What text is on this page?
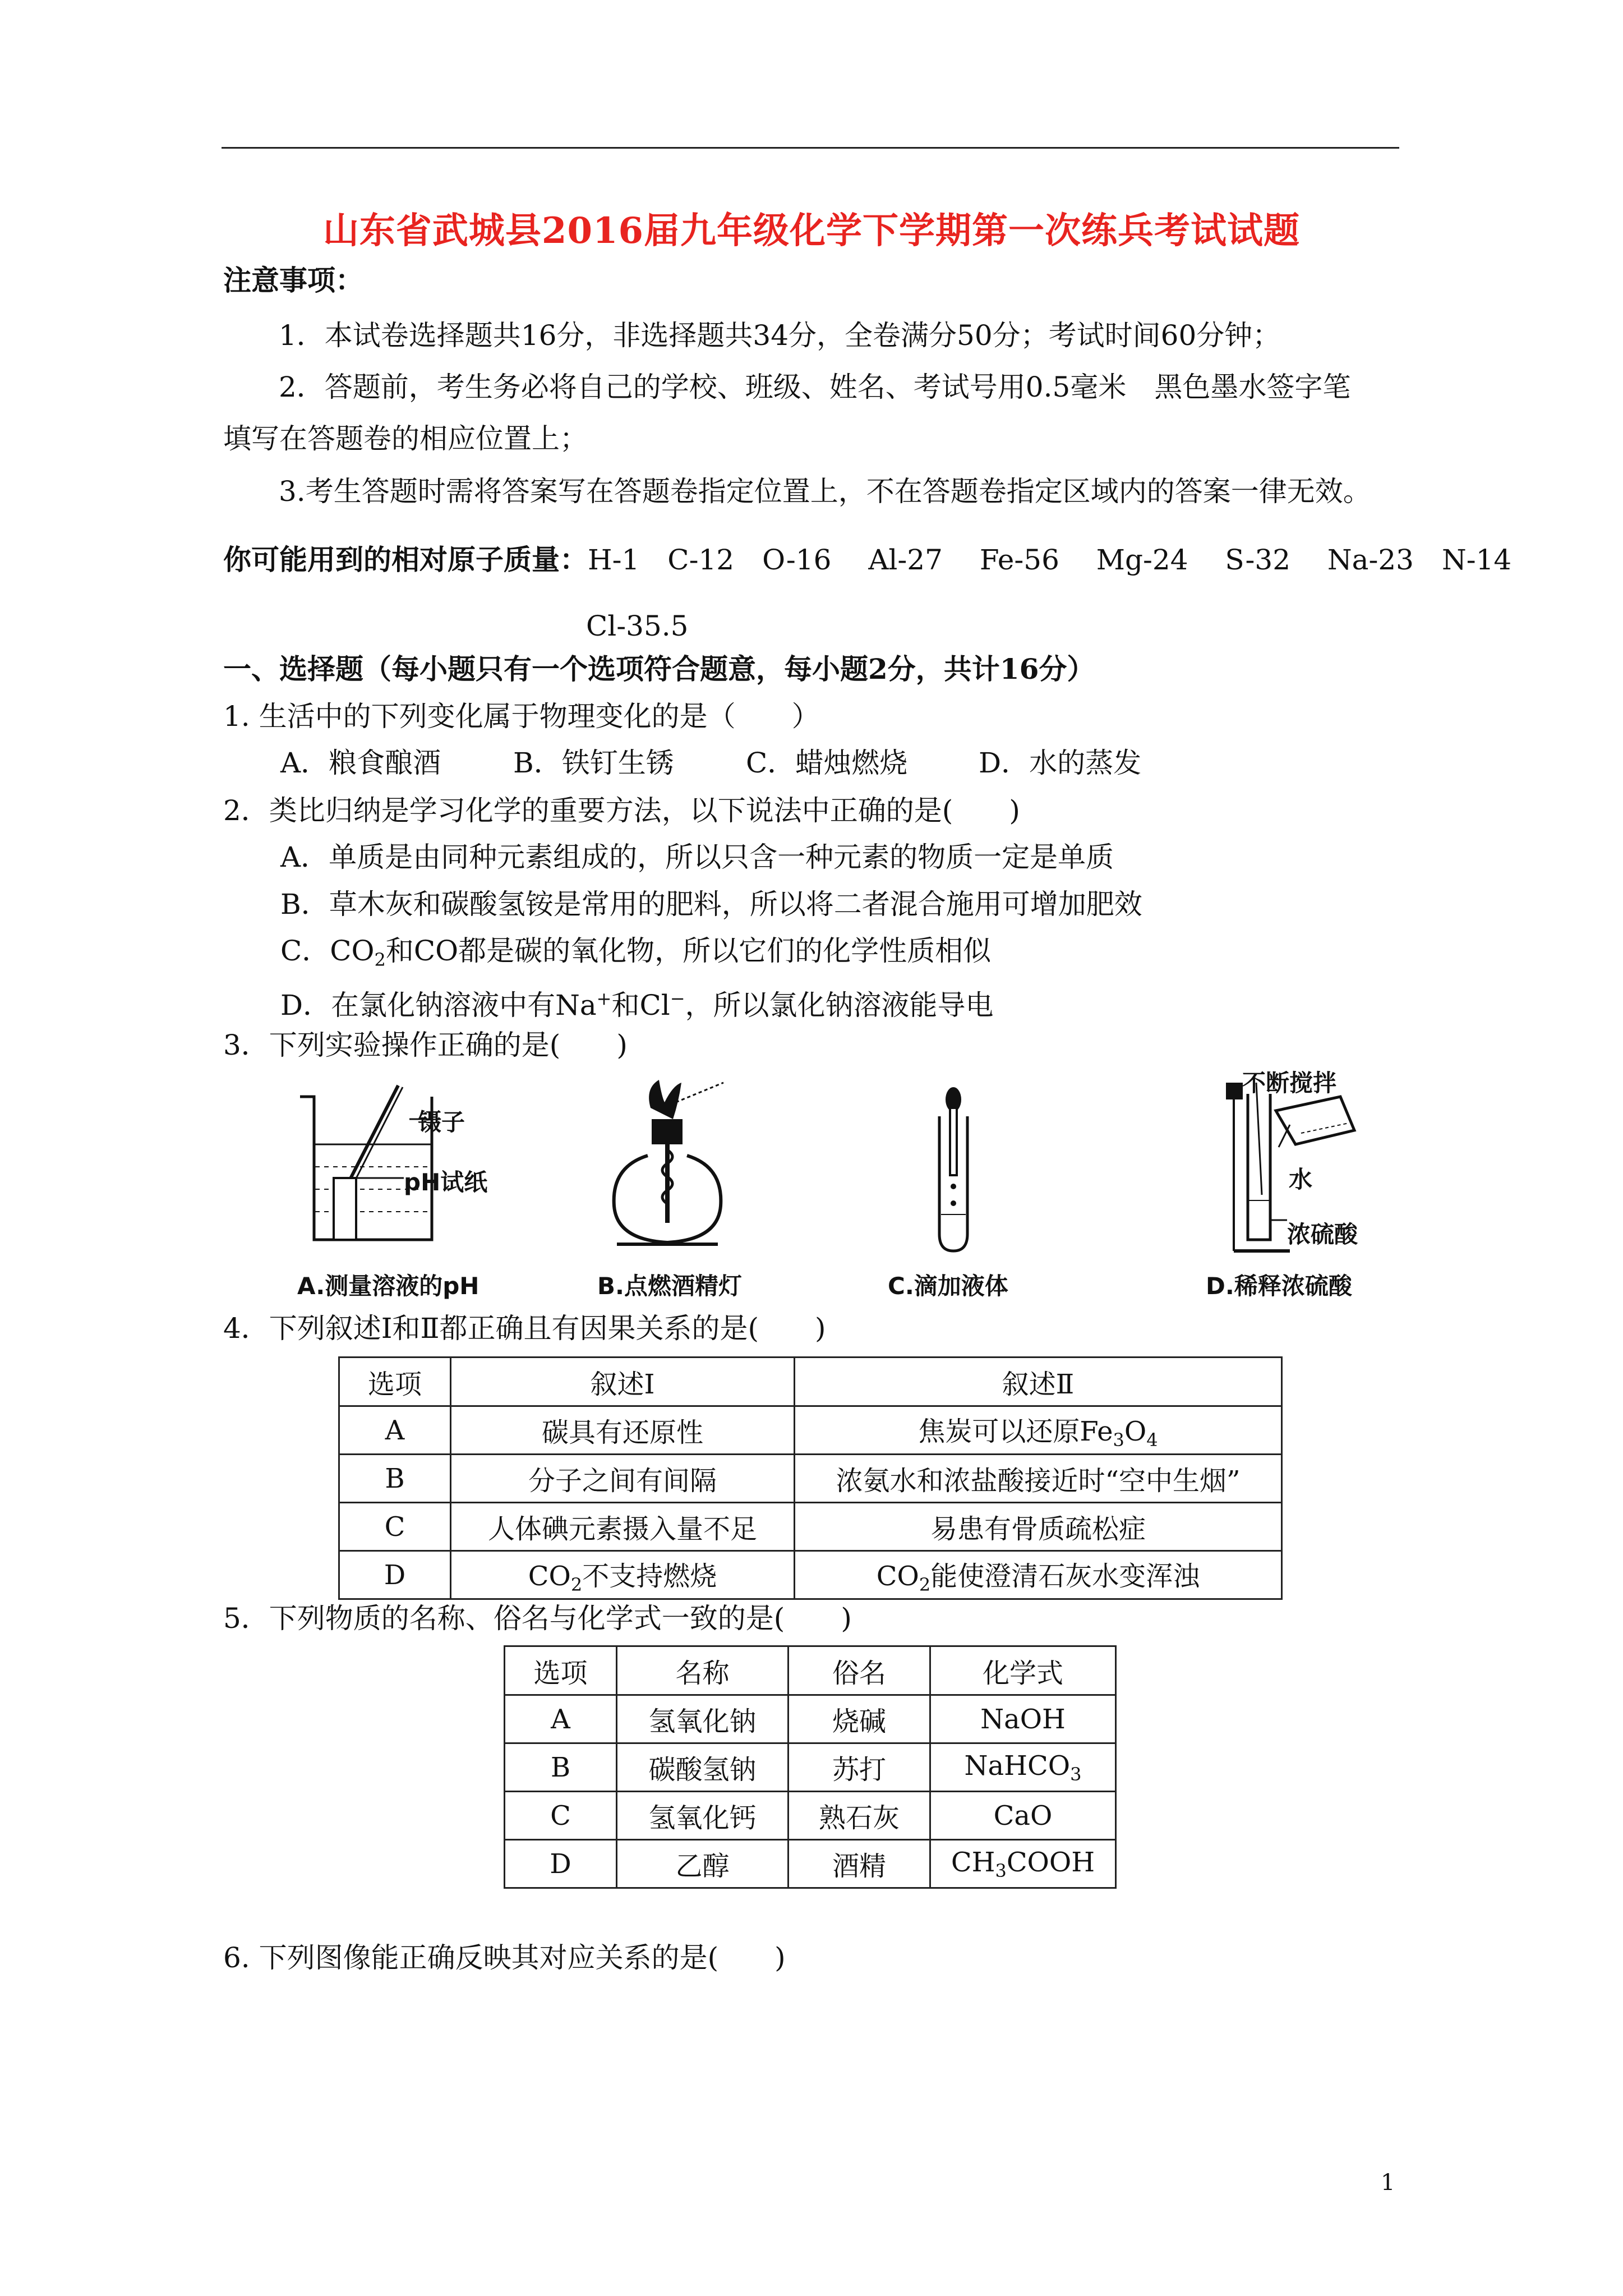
山东省武城县2016届九年级化学下学期第一次练兵考试试题
注意事项：
1．本试卷选择题共16分，非选择题共34分，全卷满分50分；考试时间60分钟；
2．答题前，考生务必将自己的学校、班级、姓名、考试号用0.5毫米　黑色墨水签字笔
填写在答题卷的相应位置上；
3.考生答题时需将答案写在答题卷指定位置上，不在答题卷指定区域内的答案一律无效。
你可能用到的相对原子质量：H-1　C-12　O-16　 Al-27　 Fe-56　 Mg-24　 S-32　 Na-23　N-14
Cl-35.5
一、选择题（每小题只有一个选项符合题意，每小题2分，共计16分）
1. 生活中的下列变化属于物理变化的是（　　）
A．粮食酿酒	B．铁钉生锈	C．蜡烛燃烧	D．水的蒸发
2．类比归纳是学习化学的重要方法，以下说法中正确的是(　　)
A．单质是由同种元素组成的，所以只含一种元素的物质一定是单质
B．草木灰和碳酸氢铵是常用的肥料，所以将二者混合施用可增加肥效
C．$CO_2$和CO都是碳的氧化物，所以它们的化学性质相似
D．在氯化钠溶液中有Na+和Cl−，所以氯化钠溶液能导电
3．下列实验操作正确的是(　　)
镊子
pH试纸
A.测量溶液的pH	B.点燃酒精灯	C.滴加液体
不断搅拌
水
浓硫酸
D.稀释浓硫酸
4．下列叙述Ⅰ和Ⅱ都正确且有因果关系的是(　　)
选项	叙述Ⅰ	叙述Ⅱ
A	碳具有还原性	焦炭可以还原$Fe_3O_4$
B	分子之间有间隔	浓氨水和浓盐酸接近时“空中生烟”
C	人体碘元素摄入量不足	易患有骨质疏松症
D	$CO_2$不支持燃烧	$CO_2$能使澄清石灰水变浑浊
5．下列物质的名称、俗名与化学式一致的是(　　)
选项	名称	俗名	化学式
A	氢氧化钠	烧碱	NaOH
B	碳酸氢钠	苏打	NaHCO$_3$
C	氢氧化钙	熟石灰	CaO
D	乙醇	酒精	$CH_3COOH$
6. 下列图像能正确反映其对应关系的是(　　)
1
